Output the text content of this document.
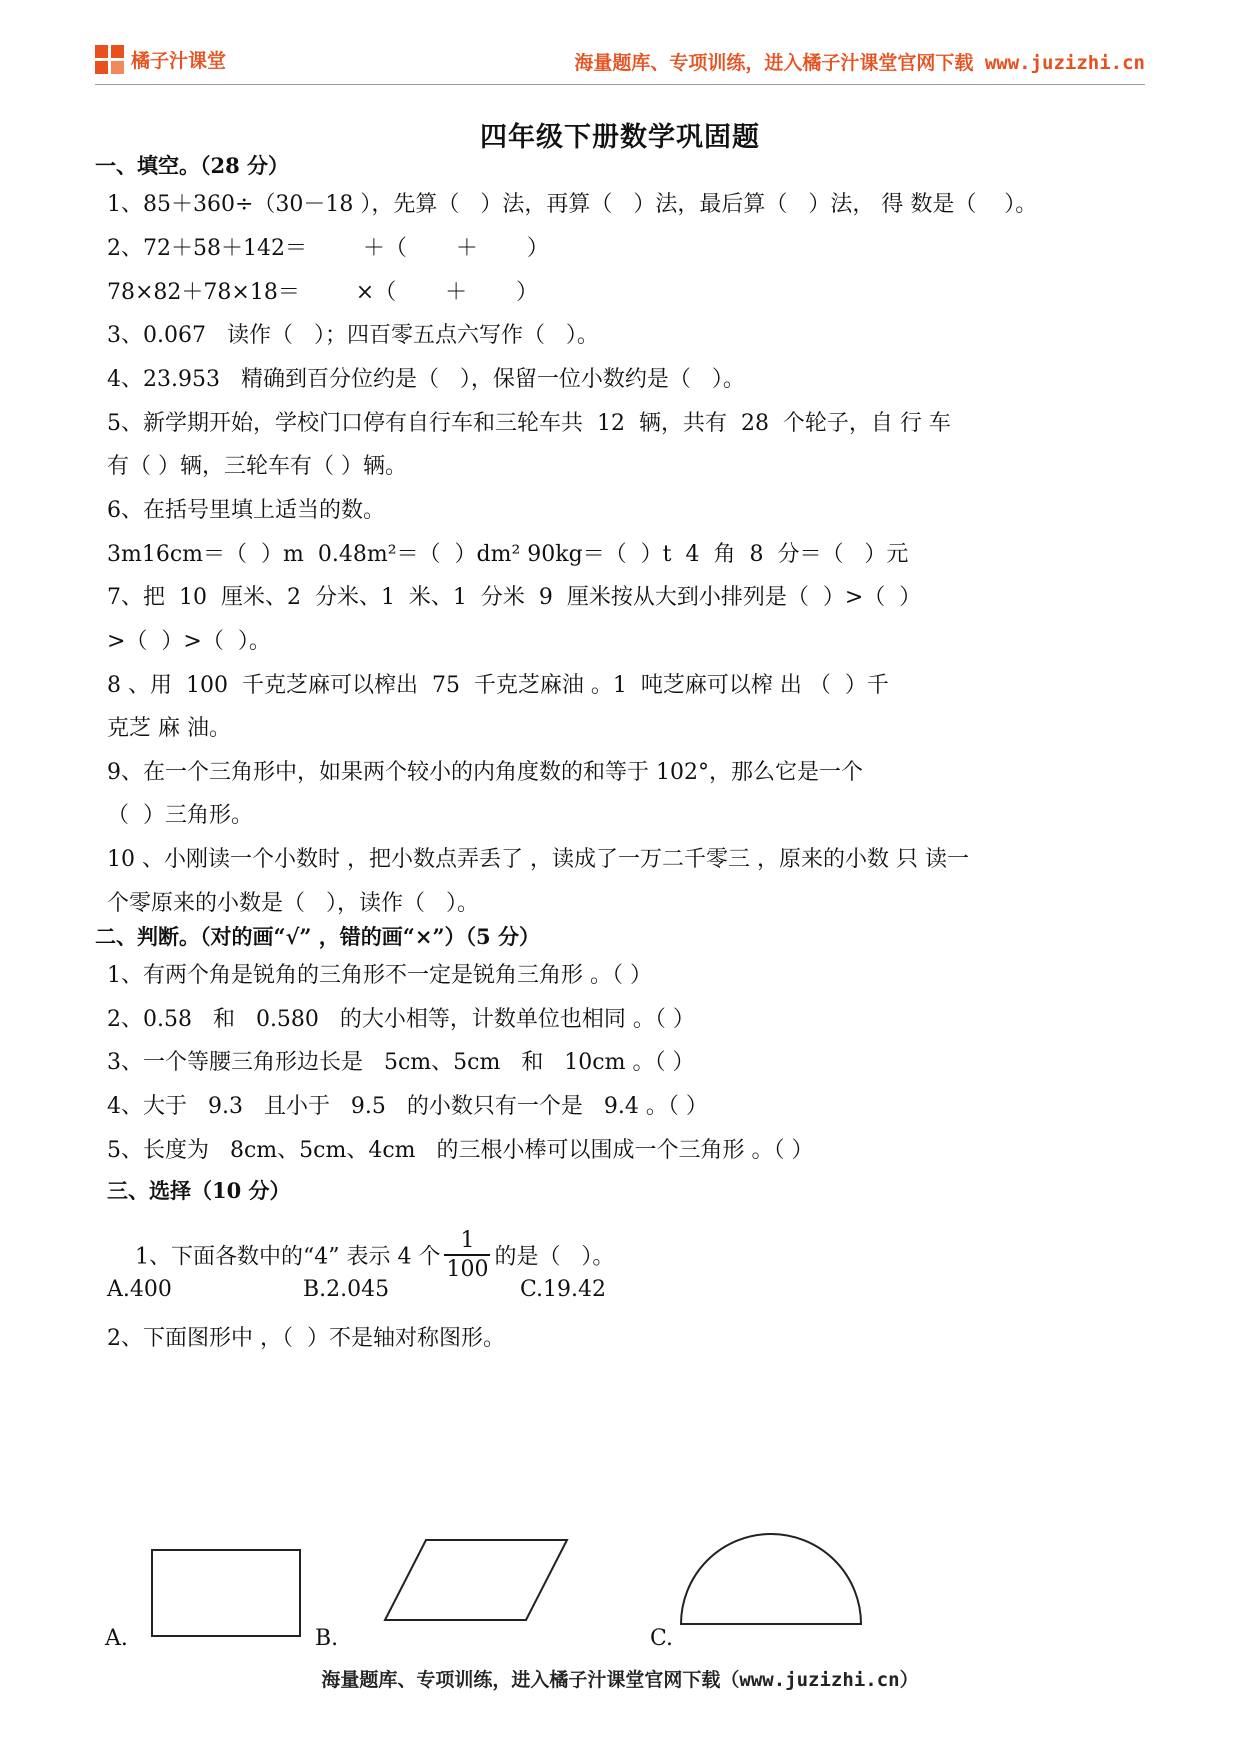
橘子汁课堂	海量题库、专项训练，进入橘子汁课堂官网下载 www.juzizhi.cn
四年级下册数学巩固题
一、填空。（28 分）
1、85＋360÷（30－18 ），先算（   ）法，再算（   ）法，最后算（   ）法， 得 数是（    ）。
2、72＋58＋142＝        ＋（       ＋       ）
78×82＋78×18＝        ×（       ＋       ）
3、0.067   读作（   ）；四百零五点六写作（   ）。
4、23.953   精确到百分位约是（   ），保留一位小数约是（   ）。
5、新学期开始，学校门口停有自行车和三轮车共  12  辆，共有  28  个轮子，自 行 车
有（ ）辆，三轮车有（ ）辆。
6、在括号里填上适当的数。
3m16cm＝（  ）m  0.48m²＝（  ）dm² 90kg＝（  ）t  4  角  8  分＝（   ）元
7、把  10  厘米、2  分米、1  米、1  分米  9  厘米按从大到小排列是（  ）>（  ）
>（  ）>（  ）。
8 、用  100  千克芝麻可以榨出  75  千克芝麻油 。1  吨芝麻可以榨 出 （  ）千
克芝 麻 油。
9、在一个三角形中，如果两个较小的内角度数的和等于 102°，那么它是一个
（  ）三角形。
10 、小刚读一个小数时 ，把小数点弄丢了 ，读成了一万二千零三 ，原来的小数 只 读一
个零原来的小数是（   ），读作（   ）。
二、判断。（对的画“√” ，错的画“×”）（5 分）
1、有两个角是锐角的三角形不一定是锐角三角形 。（ ）
2、0.58   和   0.580   的大小相等，计数单位也相同 。（ ）
3、一个等腰三角形边长是   5cm、5cm   和   10cm 。（ ）
4、大于   9.3   且小于   9.5   的小数只有一个是   9.4 。（ ）
5、长度为   8cm、5cm、4cm   的三根小棒可以围成一个三角形 。（ ）
三、选择（10 分）

1、下面各数中的“4” 表示 4 个 $\frac{1}{100}$ 的是（   ）。

A.400	B.2.045	C.19.42
2、下面图形中 ，（  ）不是轴对称图形。
A.	B.	C.
海量题库、专项训练，进入橘子汁课堂官网下载（www.juzizhi.cn）
